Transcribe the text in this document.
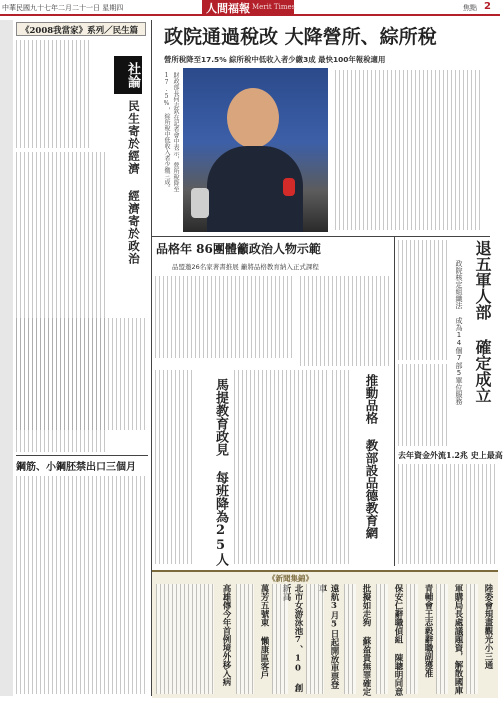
中華民國九十七年二月二十一日 星期四	人間福報 Merit Times	焦點 2
《2008我當家》系列／民生篇
社論
民生寄於經濟 經濟寄於政治
鋼筋、小鋼胚禁出口三個月
政院通過稅改 大降營所、綜所稅
營所稅降至17.5% 綜所稅中低收入者少繳3成 最快100年報稅適用
財政部長何志欽在記者會中表示，營所稅降至17.5%，綜所稅中低收入者少繳三成。
品格年 86團體籲政治人物示範
品盟邀26名家著書推展 籲將品格教育納入正式課程
馬提教育政見 每班降為25人	推動品格 教部設品德教育網
退五軍人部 確定成立
政院核定組織法 成為14個7部5單位服務
去年資金外流1.2兆 史上最高
《新聞集錦》
陸委會規畫觀光小三通
軍購局長處議題資，解散國庫
青輔會王志毅辭職副獲准
保安仁辭職偵組 陳聰明同意
批擬如走狗 蘇盈貴無罪確定
遠航3月5日起開放車票登
北市女游泳池7、10 創
萬芳五號東 懶康區客戶
高雄傳今年首例境外移入病
